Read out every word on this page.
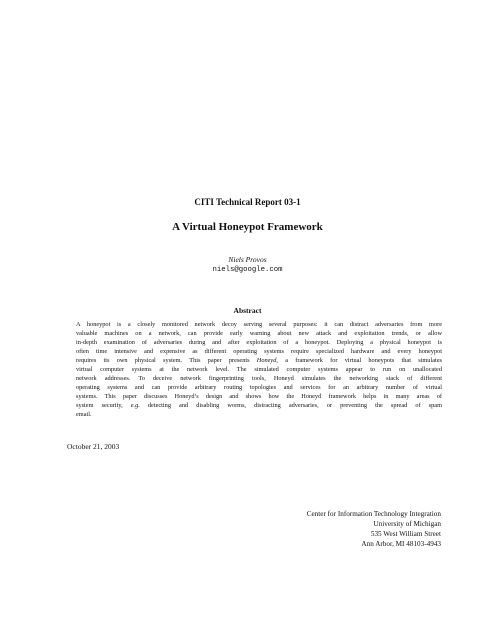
CITI Technical Report 03-1
A Virtual Honeypot Framework
Niels Provos
niels@google.com
Abstract
A honeypot is a closely monitored network decoy serving several purposes: it can distract adversaries from more
valuable machines on a network, can provide early warning about new attack and exploitation trends, or allow
in-depth examination of adversaries during and after exploitation of a honeypot. Deploying a physical honeypot is
often time intensive and expensive as different operating systems require specialized hardware and every honeypot
requires its own physical system. This paper presents Honeyd, a framework for virtual honeypots that simulates
virtual computer systems at the network level. The simulated computer systems appear to run on unallocated
network addresses. To deceive network fingerprinting tools, Honeyd simulates the networking stack of different
operating systems and can provide arbitrary routing topologies and services for an arbitrary number of virtual
systems. This paper discusses Honeyd’s design and shows how the Honeyd framework helps in many areas of
system security, e.g. detecting and disabling worms, distracting adversaries, or preventing the spread of spam
email.
October 21, 2003
Center for Information Technology Integration
University of Michigan
535 West William Street
Ann Arbor, MI 48103-4943
